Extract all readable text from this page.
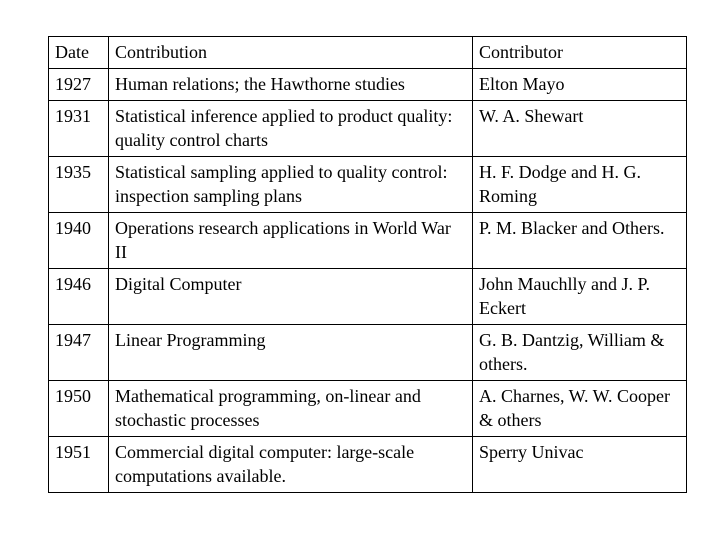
Date	Contribution	Contributor
1927	Human relations; the Hawthorne studies	Elton Mayo
1931	Statistical inference applied to product quality: quality control charts	W. A. Shewart
1935	Statistical sampling applied to quality control: inspection sampling plans	H. F. Dodge and H. G. Roming
1940	Operations research applications in World War II	P. M. Blacker and Others.
1946	Digital Computer	John Mauchlly and J. P. Eckert
1947	Linear Programming	G. B. Dantzig, William & others.
1950	Mathematical programming, on-linear and stochastic processes	A. Charnes, W. W. Cooper & others
1951	Commercial digital computer: large-scale computations available.	Sperry Univac
